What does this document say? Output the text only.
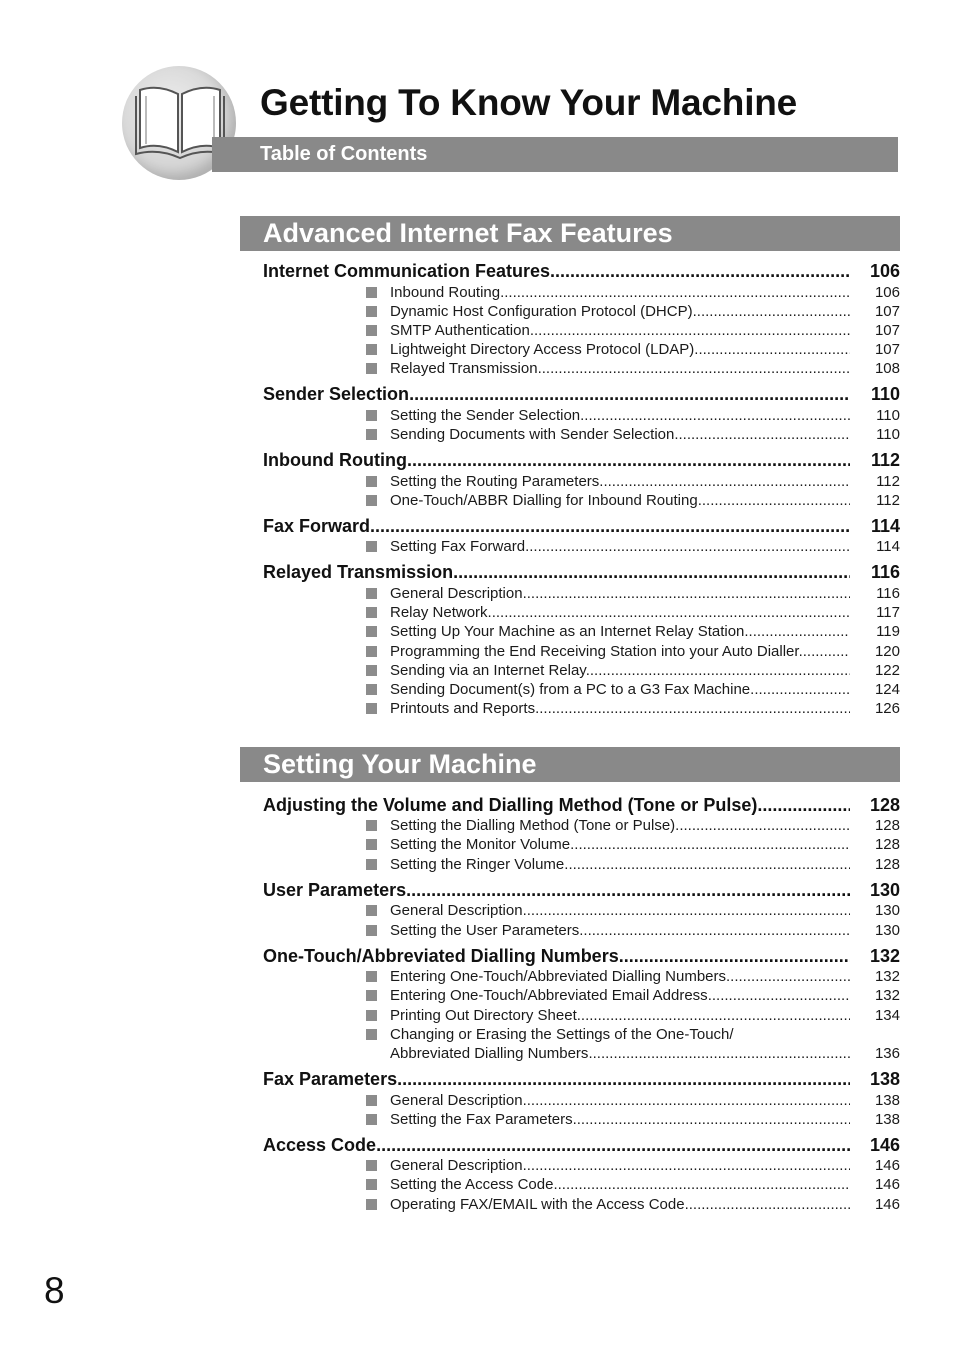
Getting To Know Your Machine
Table of Contents
Advanced Internet Fax Features
Internet Communication Features .....	106
Inbound Routing .....	106
Dynamic Host Configuration Protocol (DHCP) .....	107
SMTP Authentication .....	107
Lightweight Directory Access Protocol (LDAP) .....	107
Relayed Transmission .....	108
Sender Selection .....	110
Setting the Sender Selection .....	110
Sending Documents with Sender Selection .....	110
Inbound Routing .....	112
Setting the Routing Parameters .....	112
One-Touch/ABBR Dialling for Inbound Routing .....	112
Fax Forward .....	114
Setting Fax Forward .....	114
Relayed Transmission .....	116
General Description .....	116
Relay Network .....	117
Setting Up Your Machine as an Internet Relay Station .....	119
Programming the End Receiving Station into your Auto Dialler .....	120
Sending via an Internet Relay .....	122
Sending Document(s) from a PC to a G3 Fax Machine .....	124
Printouts and Reports .....	126
Setting Your Machine
Adjusting the Volume and Dialling Method (Tone or Pulse) .....	128
Setting the Dialling Method (Tone or Pulse) .....	128
Setting the Monitor Volume .....	128
Setting the Ringer Volume .....	128
User Parameters .....	130
General Description .....	130
Setting the User Parameters .....	130
One-Touch/Abbreviated Dialling Numbers .....	132
Entering One-Touch/Abbreviated Dialling Numbers .....	132
Entering One-Touch/Abbreviated Email Address .....	132
Printing Out Directory Sheet .....	134
Changing or Erasing the Settings of the One-Touch/
Abbreviated Dialling Numbers .....	136
Fax Parameters .....	138
General Description .....	138
Setting the Fax Parameters .....	138
Access Code .....	146
General Description .....	146
Setting the Access Code .....	146
Operating FAX/EMAIL with the Access Code .....	146
8
